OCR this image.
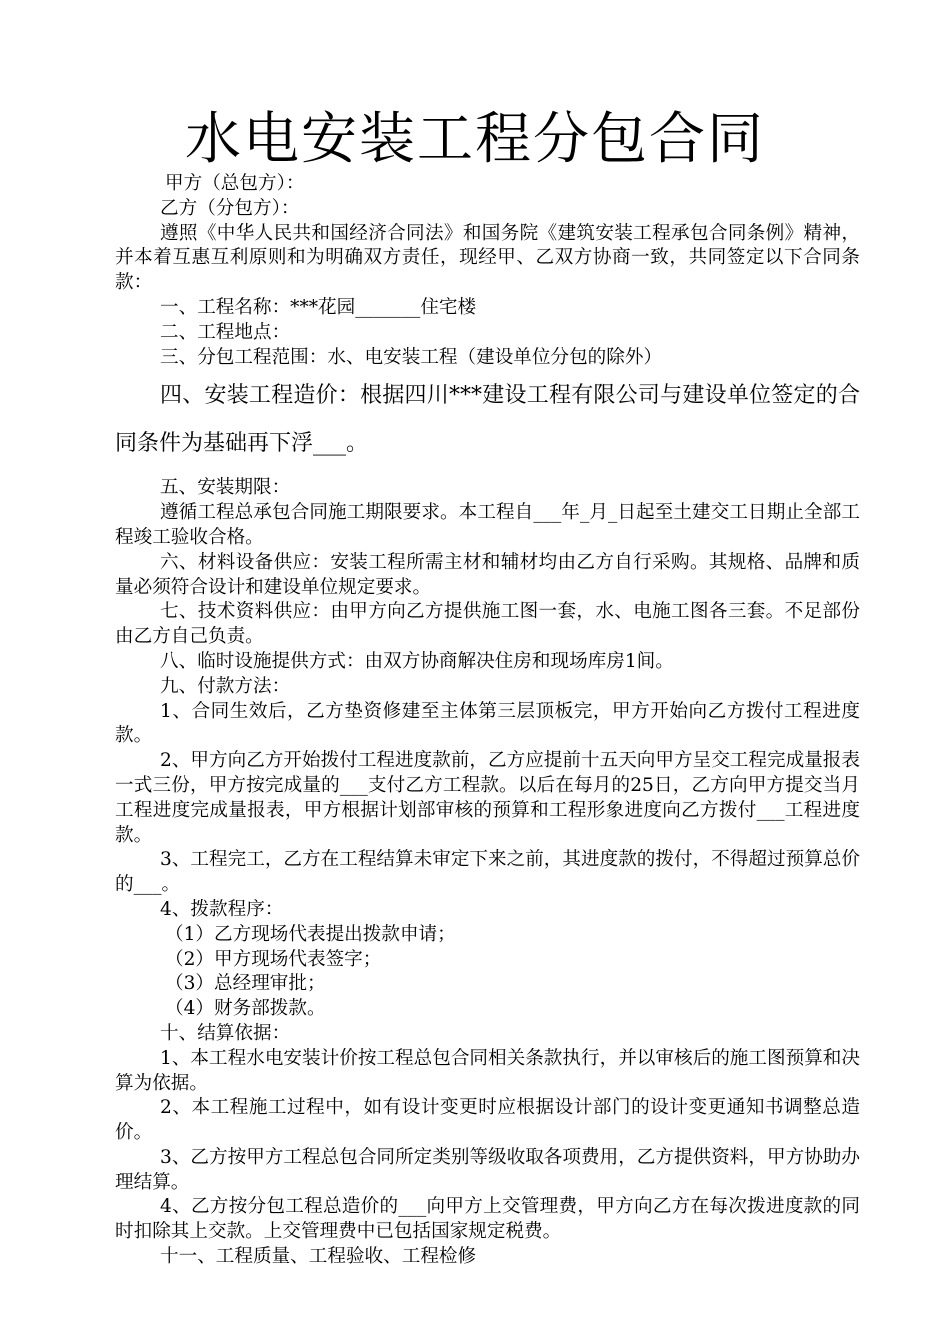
水电安装工程分包合同

甲方（总包方）：

乙方（分包方）：

遵照《中华人民共和国经济合同法》和国务院《建筑安装工程承包合同条例》精神，并本着互惠互利原则和为明确双方责任，现经甲、乙双方协商一致，共同签定以下合同条款：

一、工程名称：***花园_______住宅楼

二、工程地点：

三、分包工程范围：水、电安装工程（建设单位分包的除外）

四、安装工程造价：根据四川***建设工程有限公司与建设单位签定的合同条件为基础再下浮___。

五、安装期限：

遵循工程总承包合同施工期限要求。本工程自___年_月_日起至土建交工日期止全部工程竣工验收合格。

六、材料设备供应：安装工程所需主材和辅材均由乙方自行采购。其规格、品牌和质量必须符合设计和建设单位规定要求。

七、技术资料供应：由甲方向乙方提供施工图一套，水、电施工图各三套。不足部份由乙方自己负责。

八、临时设施提供方式：由双方协商解决住房和现场库房1间。

九、付款方法：

1、合同生效后，乙方垫资修建至主体第三层顶板完，甲方开始向乙方拨付工程进度款。

2、甲方向乙方开始拨付工程进度款前，乙方应提前十五天向甲方呈交工程完成量报表一式三份，甲方按完成量的___支付乙方工程款。以后在每月的25日，乙方向甲方提交当月工程进度完成量报表，甲方根据计划部审核的预算和工程形象进度向乙方拨付___工程进度款。

3、工程完工，乙方在工程结算未审定下来之前，其进度款的拨付，不得超过预算总价的___。

4、拨款程序：

（1）乙方现场代表提出拨款申请；

（2）甲方现场代表签字；

（3）总经理审批；

（4）财务部拨款。

十、结算依据：

1、本工程水电安装计价按工程总包合同相关条款执行，并以审核后的施工图预算和决算为依据。

2、本工程施工过程中，如有设计变更时应根据设计部门的设计变更通知书调整总造价。

3、乙方按甲方工程总包合同所定类别等级收取各项费用，乙方提供资料，甲方协助办理结算。

4、乙方按分包工程总造价的___向甲方上交管理费，甲方向乙方在每次拨进度款的同时扣除其上交款。上交管理费中已包括国家规定税费。

十一、工程质量、工程验收、工程检修
